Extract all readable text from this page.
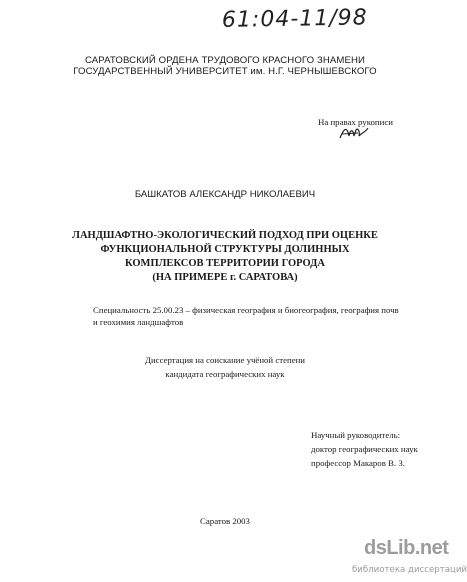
61:04-11/98
САРАТОВСКИЙ ОРДЕНА ТРУДОВОГО КРАСНОГО ЗНАМЕНИ
ГОСУДАРСТВЕННЫЙ УНИВЕРСИТЕТ им. Н.Г. ЧЕРНЫШЕВСКОГО
На правах рукописи
БАШКАТОВ АЛЕКСАНДР НИКОЛАЕВИЧ
ЛАНДШАФТНО-ЭКОЛОГИЧЕСКИЙ ПОДХОД ПРИ ОЦЕНКЕ
ФУНКЦИОНАЛЬНОЙ СТРУКТУРЫ ДОЛИННЫХ
КОМПЛЕКСОВ ТЕРРИТОРИИ ГОРОДА
(НА ПРИМЕРЕ г. САРАТОВА)
Специальность 25.00.23 – физическая география и биогеография, география почв
и геохимия ландшафтов
Диссертация на соискание учёной степени
кандидата географических наук
Научный руководитель:
доктор географических наук
профессор Макаров В. З.
Саратов 2003
dsLib.net
библиотека диссертаций
